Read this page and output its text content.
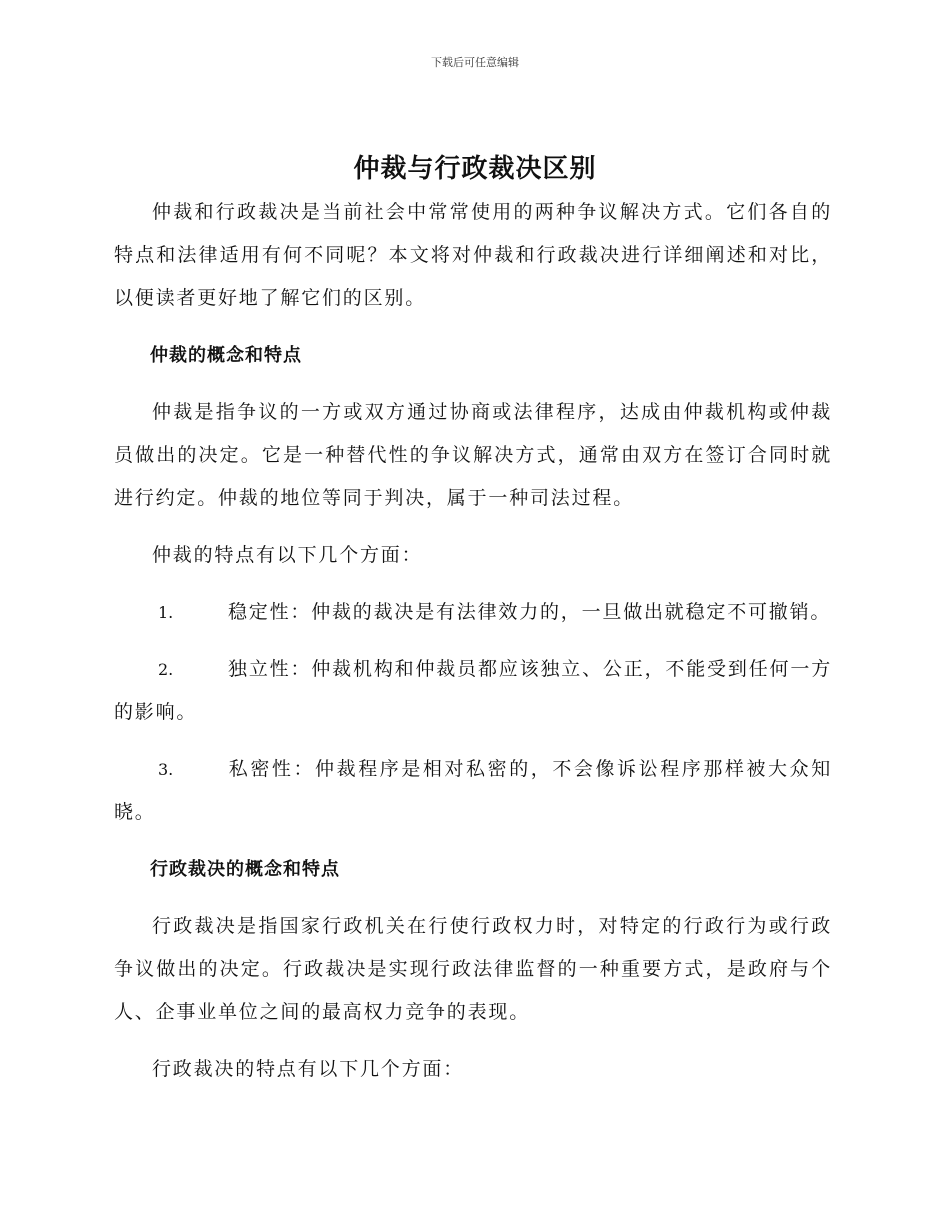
下载后可任意编辑
仲裁与行政裁决区别

仲裁和行政裁决是当前社会中常常使用的两种争议解决方式。它们各自的特点和法律适用有何不同呢？本文将对仲裁和行政裁决进行详细阐述和对比，以便读者更好地了解它们的区别。

仲裁的概念和特点

仲裁是指争议的一方或双方通过协商或法律程序，达成由仲裁机构或仲裁员做出的决定。它是一种替代性的争议解决方式，通常由双方在签订合同时就进行约定。仲裁的地位等同于判决，属于一种司法过程。

仲裁的特点有以下几个方面：

1.	稳定性：仲裁的裁决是有法律效力的，一旦做出就稳定不可撤销。

2.	独立性：仲裁机构和仲裁员都应该独立、公正，不能受到任何一方的影响。

3.	私密性：仲裁程序是相对私密的，不会像诉讼程序那样被大众知晓。

行政裁决的概念和特点

行政裁决是指国家行政机关在行使行政权力时，对特定的行政行为或行政争议做出的决定。行政裁决是实现行政法律监督的一种重要方式，是政府与个人、企事业单位之间的最高权力竞争的表现。

行政裁决的特点有以下几个方面：
